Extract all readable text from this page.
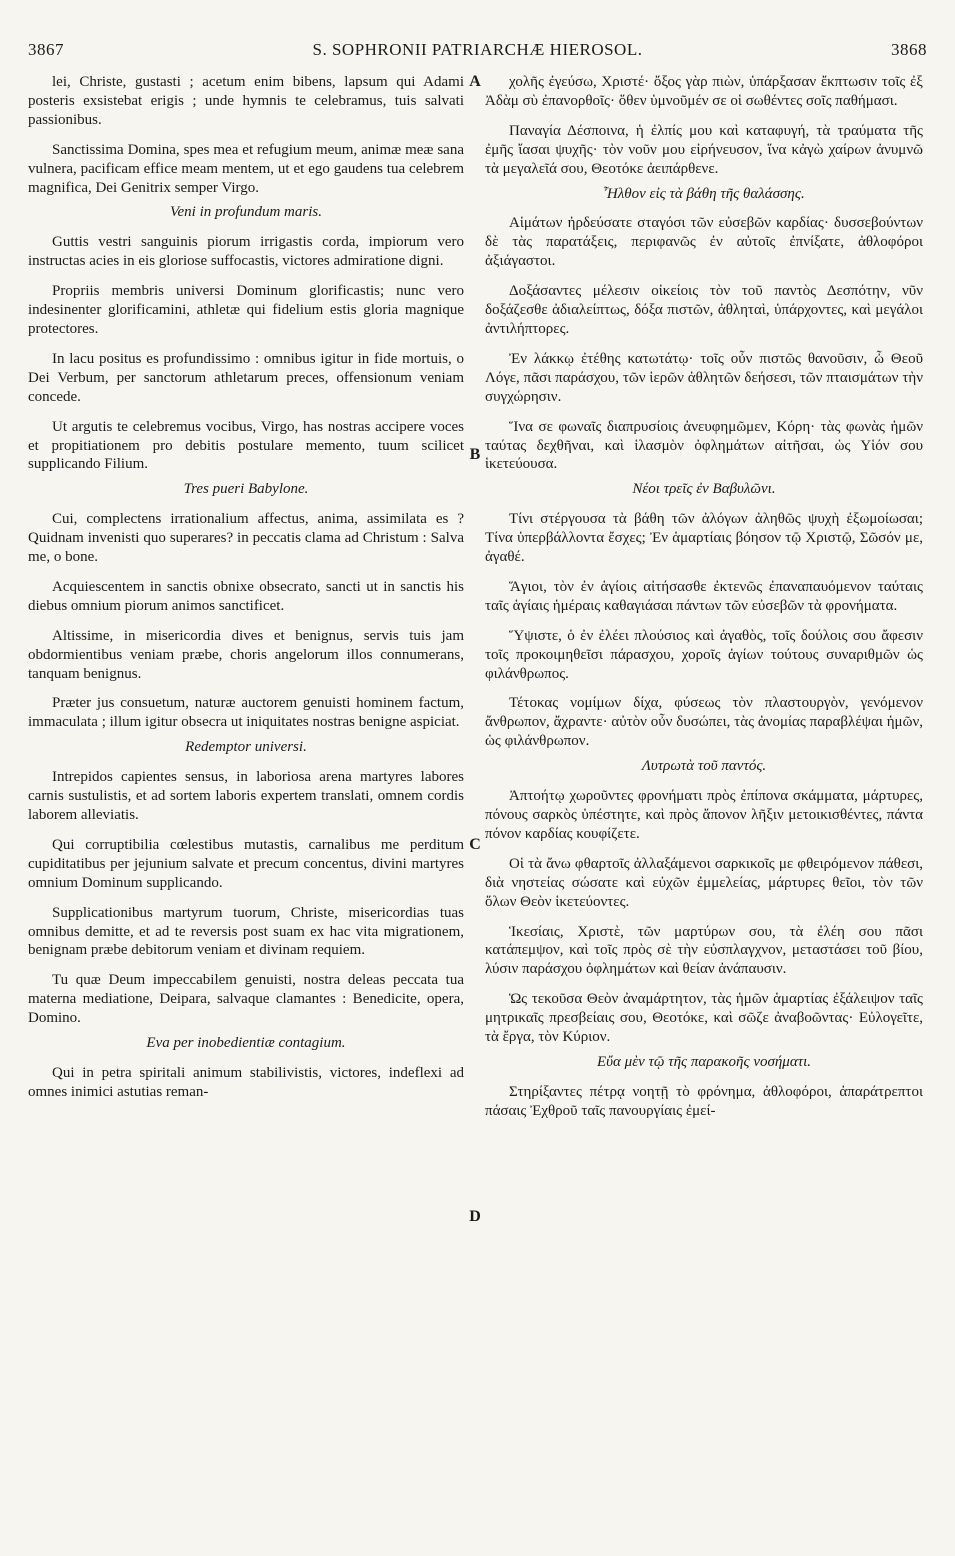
3867	S. SOPHRONII PATRIARCHÆ HIEROSOL.	3868

lei, Christe, gustasti ; acetum enim bibens, lapsum qui Adami posteris exsistebat erigis ; unde hymnis te celebramus, tuis salvati passionibus.

Sanctissima Domina, spes mea et refugium meum, animæ meæ sana vulnera, pacificam effice meam mentem, ut et ego gaudens tua celebrem magnifica, Dei Genitrix semper Virgo.

Veni in profundum maris.

Guttis vestri sanguinis piorum irrigastis corda, impiorum vero instructas acies in eis gloriose suffocastis, victores admiratione digni.

Propriis membris universi Dominum glorificastis; nunc vero indesinenter glorificamini, athletæ qui fidelium estis gloria magnique protectores.

In lacu positus es profundissimo : omnibus igitur in fide mortuis, o Dei Verbum, per sanctorum athletarum preces, offensionum veniam concede.

Ut argutis te celebremus vocibus, Virgo, has nostras accipere voces et propitiationem pro debitis postulare memento, tuum scilicet supplicando Filium.

Tres pueri Babylone.

Cui, complectens irrationalium affectus, anima, assimilata es ? Quidnam invenisti quo superares? in peccatis clama ad Christum : Salva me, o bone.

Acquiescentem in sanctis obnixe obsecrato, sancti ut in sanctis his diebus omnium piorum animos sanctificet.

Altissime, in misericordia dives et benignus, servis tuis jam obdormientibus veniam præbe, choris angelorum illos connumerans, tanquam benignus.

Præter jus consuetum, naturæ auctorem genuisti hominem factum, immaculata ; illum igitur obsecra ut iniquitates nostras benigne aspiciat.

Redemptor universi.

Intrepidos capientes sensus, in laboriosa arena martyres labores carnis sustulistis, et ad sortem laboris expertem translati, omnem cordis laborem alleviatis.

Qui corruptibilia cœlestibus mutastis, carnalibus me perditum cupiditatibus per jejunium salvate et precum concentus, divini martyres omnium Dominum supplicando.

Supplicationibus martyrum tuorum, Christe, misericordias tuas omnibus demitte, et ad te reversis post suam ex hac vita migrationem, benignam præbe debitorum veniam et divinam requiem.

Tu quæ Deum impeccabilem genuisti, nostra deleas peccata tua materna mediatione, Deipara, salvaque clamantes : Benedicite, opera, Domino.

Eva per inobedientiæ contagium.

Qui in petra spiritali animum stabilivistis, victores, indeflexi ad omnes inimici astutias reman-

χολῆς ἐγεύσω, Χριστέ· ὄξος γὰρ πιὼν, ὑπάρξασαν ἔκπτωσιν τοῖς ἐξ Ἀδὰμ σὺ ἐπανορθοῖς· ὅθεν ὑμνοῦμέν σε οἱ σωθέντες σοῖς παθήμασι.

Παναγία Δέσποινα, ἡ ἐλπίς μου καὶ καταφυγή, τὰ τραύματα τῆς ἐμῆς ἴασαι ψυχῆς· τὸν νοῦν μου εἰρήνευσον, ἵνα κἀγὼ χαίρων ἀνυμνῶ τὰ μεγαλεῖά σου, Θεοτόκε ἀειπάρθενε.

Ἦλθον εἰς τὰ βάθη τῆς θαλάσσης.

Αἱμάτων ἠρδεύσατε σταγόσι τῶν εὐσεβῶν καρδίας· δυσσεβούντων δὲ τὰς παρατάξεις, περιφανῶς ἐν αὐτοῖς ἐπνίξατε, ἀθλοφόροι ἀξιάγαστοι.

Δοξάσαντες μέλεσιν οἰκείοις τὸν τοῦ παντὸς Δεσπότην, νῦν δοξάζεσθε ἀδιαλείπτως, δόξα πιστῶν, ἀθληταὶ, ὑπάρχοντες, καὶ μεγάλοι ἀντιλήπτορες.

Ἐν λάκκῳ ἐτέθης κατωτάτῳ· τοῖς οὖν πιστῶς θανοῦσιν, ὦ Θεοῦ Λόγε, πᾶσι παράσχου, τῶν ἱερῶν ἀθλητῶν δεήσεσι, τῶν πταισμάτων τὴν συγχώρησιν.

Ἵνα σε φωναῖς διαπρυσίοις ἀνευφημῶμεν, Κόρη· τὰς φωνὰς ἡμῶν ταύτας δεχθῆναι, καὶ ἱλασμὸν ὀφλημάτων αἰτῆσαι, ὡς Υἱόν σου ἱκετεύουσα.

Νέοι τρεῖς ἐν Βαβυλῶνι.

Τίνι στέργουσα τὰ βάθη τῶν ἀλόγων ἀληθῶς ψυχὴ ἐξωμοίωσαι; Τίνα ὑπερβάλλοντα ἔσχες; Ἐν ἁμαρτίαις βόησον τῷ Χριστῷ, Σῶσόν με, ἀγαθέ.

Ἅγιοι, τὸν ἐν ἁγίοις αἰτήσασθε ἐκτενῶς ἐπαναπαυόμενον ταύταις ταῖς ἁγίαις ἡμέραις καθαγιάσαι πάντων τῶν εὐσεβῶν τὰ φρονήματα.

Ὕψιστε, ὁ ἐν ἐλέει πλούσιος καὶ ἀγαθὸς, τοῖς δούλοις σου ἄφεσιν τοῖς προκοιμηθεῖσι πάρασχου, χοροῖς ἁγίων τούτους συναριθμῶν ὡς φιλάνθρωπος.

Τέτοκας νομίμων δίχα, φύσεως τὸν πλαστουργὸν, γενόμενον ἄνθρωπον, ἄχραντε· αὐτὸν οὖν δυσώπει, τὰς ἀνομίας παραβλέψαι ἡμῶν, ὡς φιλάνθρωπον.

Λυτρωτὰ τοῦ παντός.

Ἀπτοήτῳ χωροῦντες φρονήματι πρὸς ἐπίπονα σκάμματα, μάρτυρες, πόνους σαρκὸς ὑπέστητε, καὶ πρὸς ἄπονον λῆξιν μετοικισθέντες, πάντα πόνον καρδίας κουφίζετε.

Οἱ τὰ ἄνω φθαρτοῖς ἀλλαξάμενοι σαρκικοῖς με φθειρόμενον πάθεσι, διὰ νηστείας σώσατε καὶ εὐχῶν ἐμμελείας, μάρτυρες θεῖοι, τὸν τῶν ὅλων Θεὸν ἱκετεύοντες.

Ἱκεσίαις, Χριστὲ, τῶν μαρτύρων σου, τὰ ἐλέη σου πᾶσι κατάπεμψον, καὶ τοῖς πρὸς σὲ τὴν εὐσπλαγχνον, μεταστάσει τοῦ βίου, λύσιν παράσχου ὀφλημάτων καὶ θείαν ἀνάπαυσιν.

Ὡς τεκοῦσα Θεὸν ἀναμάρτητον, τὰς ἡμῶν ἁμαρτίας ἐξάλειψον ταῖς μητρικαῖς πρεσβείαις σου, Θεοτόκε, καὶ σῶζε ἀναβοῶντας· Εὐλογεῖτε, τὰ ἔργα, τὸν Κύριον.

Εὔα μὲν τῷ τῆς παρακοῆς νοσήματι.

Στηρίξαντες πέτρᾳ νοητῇ τὸ φρόνημα, ἀθλοφόροι, ἀπαράτρεπτοι πάσαις Ἐχθροῦ ταῖς πανουργίαις ἐμεί-

A
B
C
D
